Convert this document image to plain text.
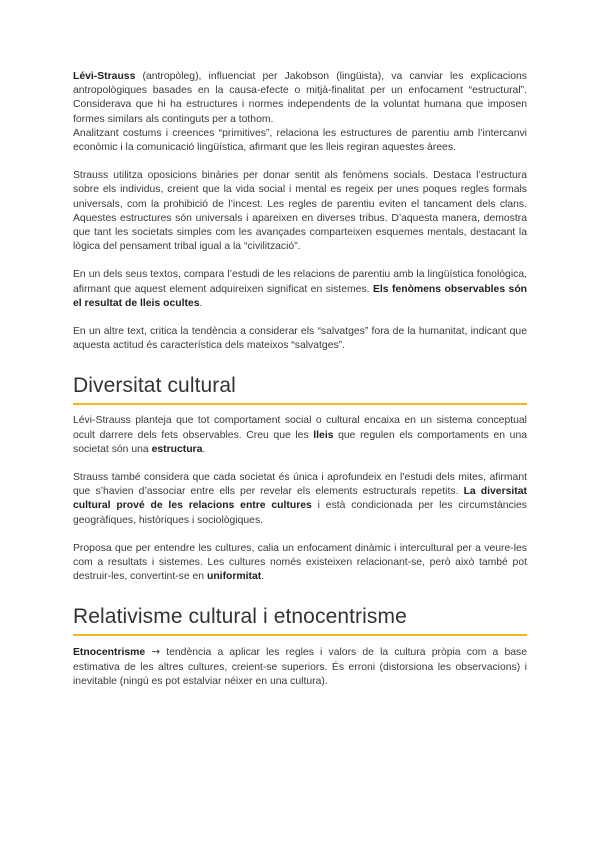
Lévi-Strauss (antropòleg), influenciat per Jakobson (lingüista), va canviar les explicacions antropològiques basades en la causa-efecte o mitjà-finalitat per un enfocament “estructural”. Considerava que hi ha estructures i normes independents de la voluntat humana que imposen formes similars als continguts per a tothom.

Analitzant costums i creences “primitives”, relaciona les estructures de parentiu amb l’intercanvi econòmic i la comunicació lingüística, afirmant que les lleis regiran aquestes àrees.

Strauss utilitza oposicions binàries per donar sentit als fenòmens socials. Destaca l’estructura sobre els individus, creient que la vida social i mental es regeix per unes poques regles formals universals, com la prohibició de l’incest. Les regles de parentiu eviten el tancament dels clans. Aquestes estructures són universals i apareixen en diverses tribus. D’aquesta manera, demostra que tant les societats simples com les avançades comparteixen esquemes mentals, destacant la lògica del pensament tribal igual a la “civilització”.

En un dels seus textos, compara l’estudi de les relacions de parentiu amb la lingüística fonològica, afirmant que aquest element adquireixen significat en sistemes. Els fenòmens observables són el resultat de lleis ocultes.

En un altre text, critica la tendència a considerar els “salvatges” fora de la humanitat, indicant que aquesta actitud és característica dels mateixos “salvatges”.

Diversitat cultural

Lévi-Strauss planteja que tot comportament social o cultural encaixa en un sistema conceptual ocult darrere dels fets observables. Creu que les lleis que regulen els comportaments en una societat són una estructura.

Strauss també considera que cada societat és única i aprofundeix en l’estudi dels mites, afirmant que s’havien d’associar entre ells per revelar els elements estructurals repetits. La diversitat cultural prové de les relacions entre cultures i està condicionada per les circumstàncies geogràfiques, històriques i sociològiques.

Proposa que per entendre les cultures, calia un enfocament dinàmic i intercultural per a veure-les com a resultats i sistemes. Les cultures només existeixen relacionant-se, però això també pot destruir-les, convertint-se en uniformitat.

Relativisme cultural i etnocentrisme

Etnocentrisme → tendència a aplicar les regles i valors de la cultura pròpia com a base estimativa de les altres cultures, creient-se superiors. És erroni (distorsiona les observacions) i inevitable (ningú es pot estalviar néixer en una cultura).
